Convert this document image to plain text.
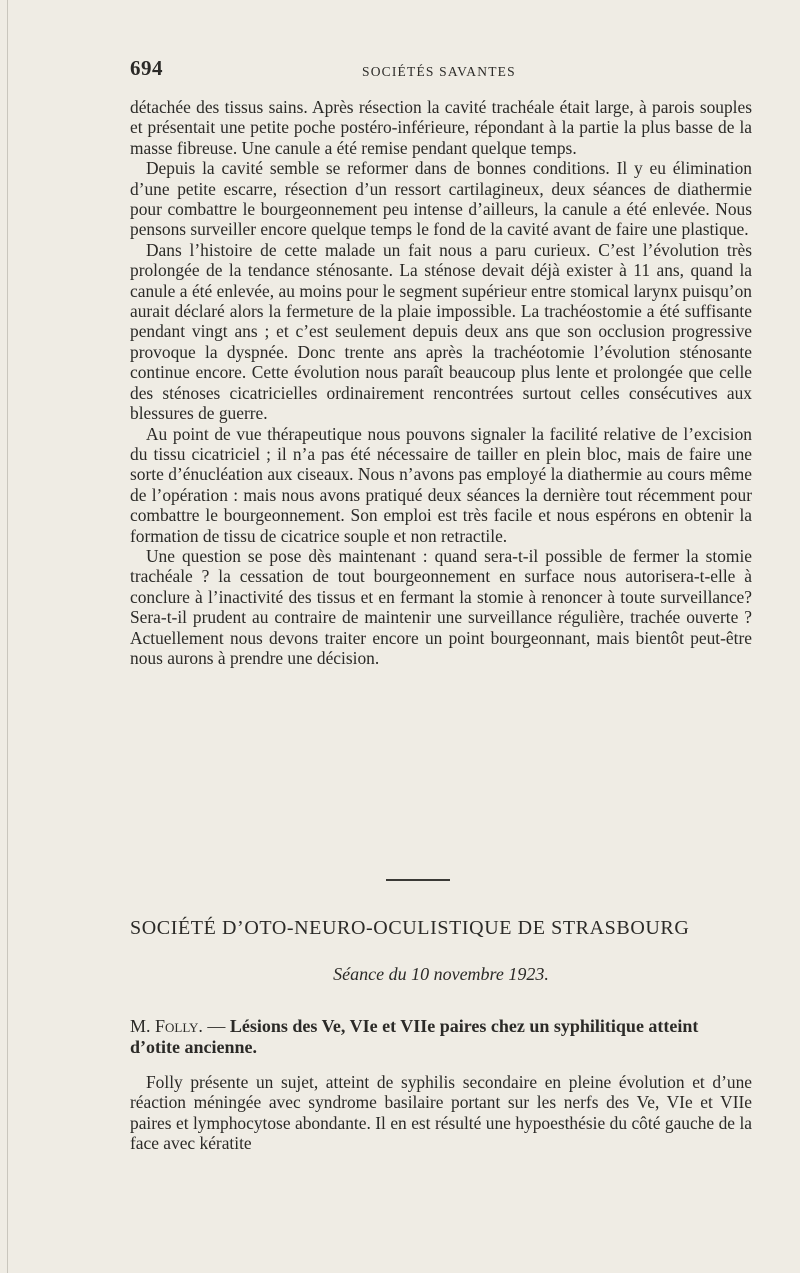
694	SOCIÉTÉS SAVANTES

détachée des tissus sains. Après résection la cavité trachéale était large, à parois souples et présentait une petite poche postéro-inférieure, répondant à la partie la plus basse de la masse fibreuse. Une canule a été remise pendant quelque temps.

Depuis la cavité semble se reformer dans de bonnes conditions. Il y eu élimination d’une petite escarre, résection d’un ressort cartilagineux, deux séances de diathermie pour combattre le bourgeonnement peu intense d’ailleurs, la canule a été enlevée. Nous pensons surveiller encore quelque temps le fond de la cavité avant de faire une plastique.

Dans l’histoire de cette malade un fait nous a paru curieux. C’est l’évolution très prolongée de la tendance sténosante. La sténose devait déjà exister à 11 ans, quand la canule a été enlevée, au moins pour le segment supérieur entre stomical larynx puisqu’on aurait déclaré alors la fermeture de la plaie impossible. La trachéostomie a été suffisante pendant vingt ans ; et c’est seulement depuis deux ans que son occlusion progressive provoque la dyspnée. Donc trente ans après la trachéotomie l’évolution sténosante continue encore. Cette évolution nous paraît beaucoup plus lente et prolongée que celle des sténoses cicatricielles ordinairement rencontrées surtout celles consécutives aux blessures de guerre.

Au point de vue thérapeutique nous pouvons signaler la facilité relative de l’excision du tissu cicatriciel ; il n’a pas été nécessaire de tailler en plein bloc, mais de faire une sorte d’énucléation aux ciseaux. Nous n’avons pas employé la diathermie au cours même de l’opération : mais nous avons pratiqué deux séances la dernière tout récemment pour combattre le bourgeonnement. Son emploi est très facile et nous espérons en obtenir la formation de tissu de cicatrice souple et non retractile.

Une question se pose dès maintenant : quand sera-t-il possible de fermer la stomie trachéale ? la cessation de tout bourgeonnement en surface nous autorisera-t-elle à conclure à l’inactivité des tissus et en fermant la stomie à renoncer à toute surveillance? Sera-t-il prudent au contraire de maintenir une surveillance régulière, trachée ouverte ? Actuellement nous devons traiter encore un point bourgeonnant, mais bientôt peut-être nous aurons à prendre une décision.

SOCIÉTÉ D’OTO-NEURO-OCULISTIQUE DE STRASBOURG
Séance du 10 novembre 1923.
M. Folly. — Lésions des Ve, VIe et VIIe paires chez un syphilitique atteint d’otite ancienne.

Folly présente un sujet, atteint de syphilis secondaire en pleine évolution et d’une réaction méningée avec syndrome basilaire portant sur les nerfs des Ve, VIe et VIIe paires et lymphocytose abondante. Il en est résulté une hypoesthésie du côté gauche de la face avec kératite
